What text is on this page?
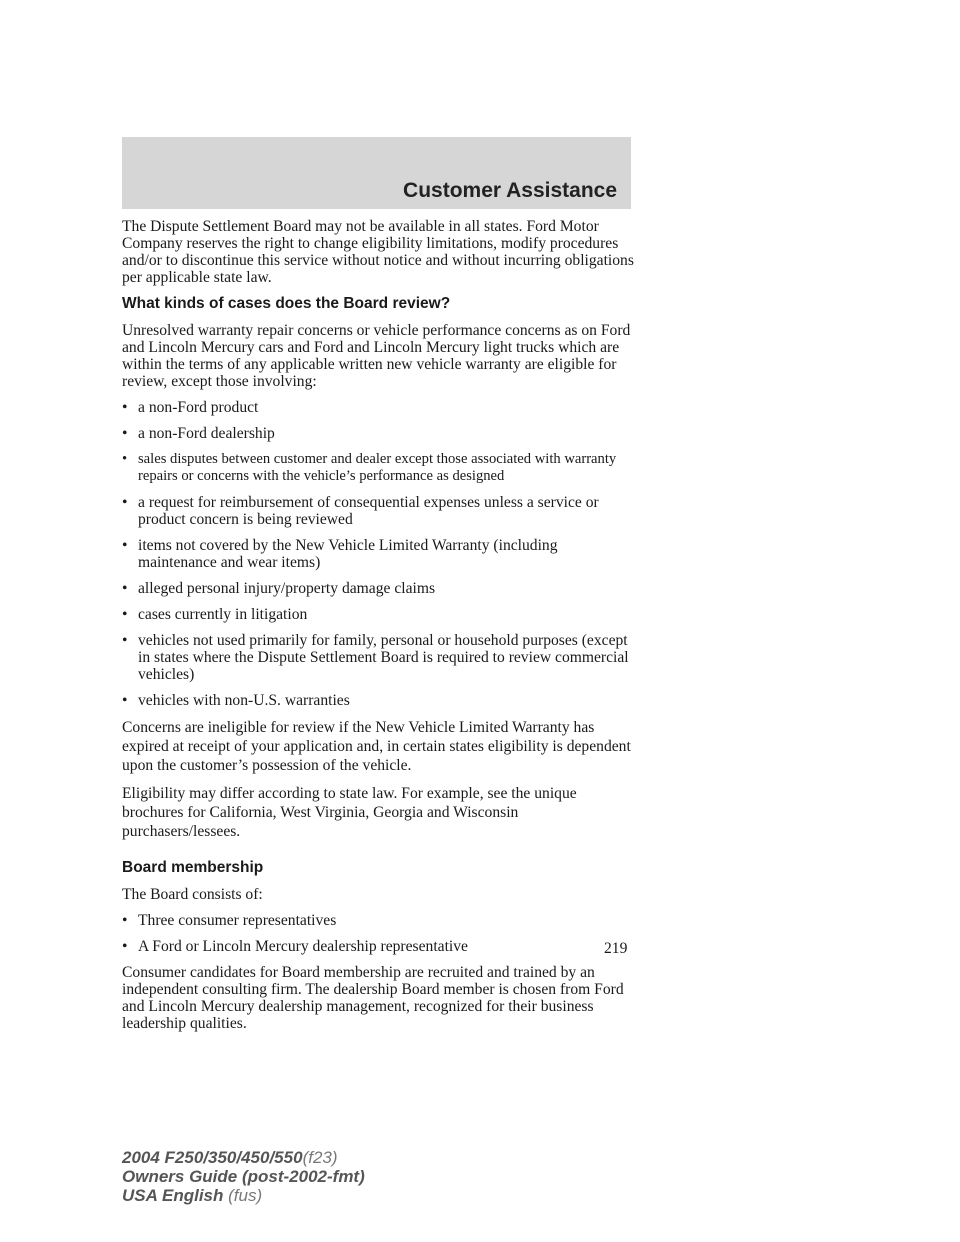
Customer Assistance

The Dispute Settlement Board may not be available in all states. Ford Motor Company reserves the right to change eligibility limitations, modify procedures and/or to discontinue this service without notice and without incurring obligations per applicable state law.

What kinds of cases does the Board review?

Unresolved warranty repair concerns or vehicle performance concerns as on Ford and Lincoln Mercury cars and Ford and Lincoln Mercury light trucks which are within the terms of any applicable written new vehicle warranty are eligible for review, except those involving:

• a non-Ford product
• a non-Ford dealership
• sales disputes between customer and dealer except those associated with warranty repairs or concerns with the vehicle’s performance as designed
• a request for reimbursement of consequential expenses unless a service or product concern is being reviewed
• items not covered by the New Vehicle Limited Warranty (including maintenance and wear items)
• alleged personal injury/property damage claims
• cases currently in litigation
• vehicles not used primarily for family, personal or household purposes (except in states where the Dispute Settlement Board is required to review commercial vehicles)
• vehicles with non-U.S. warranties

Concerns are ineligible for review if the New Vehicle Limited Warranty has expired at receipt of your application and, in certain states eligibility is dependent upon the customer’s possession of the vehicle.

Eligibility may differ according to state law. For example, see the unique brochures for California, West Virginia, Georgia and Wisconsin purchasers/lessees.

Board membership

The Board consists of:

• Three consumer representatives
• A Ford or Lincoln Mercury dealership representative

Consumer candidates for Board membership are recruited and trained by an independent consulting firm. The dealership Board member is chosen from Ford and Lincoln Mercury dealership management, recognized for their business leadership qualities.

219
2004 F250/350/450/550(f23)
Owners Guide (post-2002-fmt)
USA English (fus)
